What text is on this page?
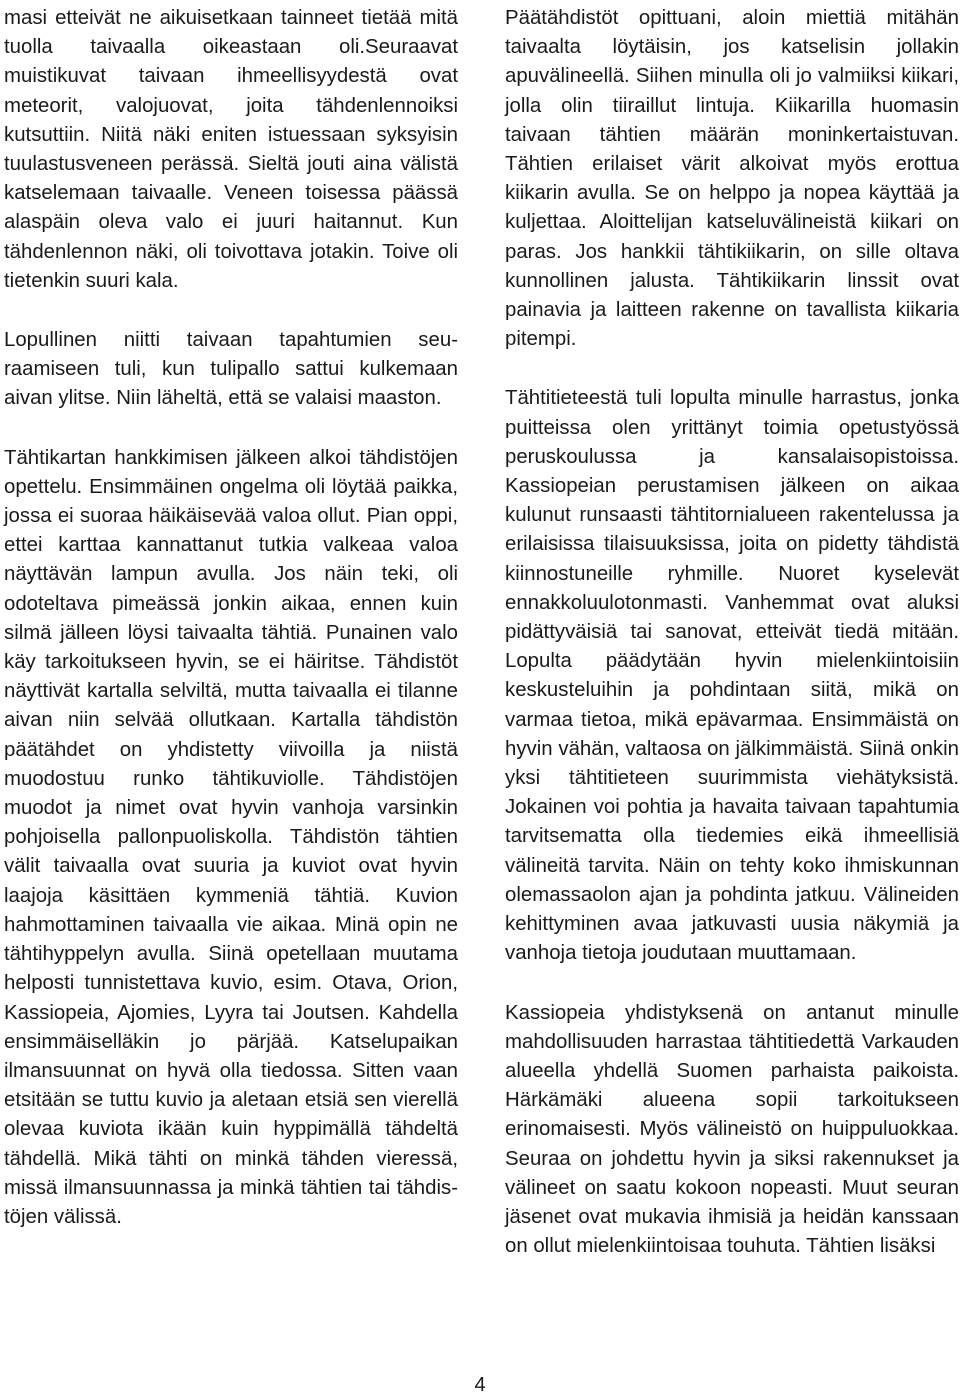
masi etteivät ne aikuisetkaan tainneet tietää mitä tuolla taivaalla oikeastaan oli.Seuraavat muistikuvat taivaan ihmeellisyydestä ovat meteorit, valojuovat, joita tähdenlennoiksi kutsuttiin. Niitä näki eniten istuessaan syksyisin tuulastusveneen perässä. Sieltä jouti aina välistä katselemaan taivaalle. Veneen toisessa päässä alaspäin oleva valo ei juuri haitannut. Kun tähdenlennon näki, oli toivottava jotakin. Toive oli tietenkin suuri kala.

Lopullinen niitti taivaan tapahtumien seuraamiseen tuli, kun tulipallo sattui kulkemaan aivan ylitse. Niin läheltä, että se valaisi maaston.

Tähtikartan hankkimisen jälkeen alkoi tähdistöjen opettelu. Ensimmäinen ongelma oli löytää paikka, jossa ei suoraa häikäisevää valoa ollut. Pian oppi, ettei karttaa kannattanut tutkia valkeaa valoa näyttävän lampun avulla. Jos näin teki, oli odoteltava pimeässä jonkin aikaa, ennen kuin silmä jälleen löysi taivaalta tähtiä. Punainen valo käy tarkoitukseen hyvin, se ei häiritse. Tähdistöt näyttivät kartalla selviltä, mutta taivaalla ei tilanne aivan niin selvää ollutkaan. Kartalla tähdistön päätähdet on yhdistetty viivoilla ja niistä muodostuu runko tähtikuviolle. Tähdistöjen muodot ja nimet ovat hyvin vanhoja varsinkin pohjoisella pallonpuoliskolla. Tähdistön tähtien välit taivaalla ovat suuria ja kuviot ovat hyvin laajoja käsittäen kymmeniä tähtiä. Kuvion hahmottaminen taivaalla vie aikaa. Minä opin ne tähtihyppelyn avulla. Siinä opetellaan muutama helposti tunnistettava kuvio, esim. Otava, Orion, Kassiopeia, Ajomies, Lyyra tai Joutsen. Kahdella ensimmäiselläkin jo pärjää. Katselupaikan ilmansuunnat on hyvä olla tiedossa. Sitten vaan etsitään se tuttu kuvio ja aletaan etsiä sen vierellä olevaa kuviota ikään kuin hyppimällä tähdeltä tähdellä. Mikä tähti on minkä tähden vieressä, missä ilmansuunnassa ja minkä tähtien tai tähdistöjen välissä.

Päätähdistöt opittuani, aloin miettiä mitähän taivaalta löytäisin, jos katselisin jollakin apuvälineellä. Siihen minulla oli jo valmiiksi kiikari, jolla olin tiiraillut lintuja. Kiikarilla huomasin taivaan tähtien määrän moninkertaistuvan. Tähtien erilaiset värit alkoivat myös erottua kiikarin avulla. Se on helppo ja nopea käyttää ja kuljettaa. Aloittelijan katseluvälineistä kiikari on paras. Jos hankkii tähtikiikarin, on sille oltava kunnollinen jalusta. Tähtikiikarin linssit ovat painavia ja laitteen rakenne on tavallista kiikaria pitempi.

Tähtitieteestä tuli lopulta minulle harrastus, jonka puitteissa olen yrittänyt toimia opetustyössä peruskoulussa ja kansalaisopistoissa. Kassiopeian perustamisen jälkeen on aikaa kulunut runsaasti tähtitornialueen rakentelussa ja erilaisissa tilaisuuksissa, joita on pidetty tähdistä kiinnostuneille ryhmille. Nuoret kyselevät ennakkoluulotonmasti. Vanhemmat ovat aluksi pidättyväisiä tai sanovat, etteivät tiedä mitään. Lopulta päädytään hyvin mielenkiintoisiin keskusteluihin ja pohdintaan siitä, mikä on varmaa tietoa, mikä epävarmaa. Ensimmäistä on hyvin vähän, valtaosa on jälkimmäistä. Siinä onkin yksi tähtitieteen suurimmista viehätyksistä. Jokainen voi pohtia ja havaita taivaan tapahtumia tarvitsematta olla tiedemies eikä ihmeellisiä välineitä tarvita. Näin on tehty koko ihmiskunnan olemassaolon ajan ja pohdinta jatkuu. Välineiden kehittyminen avaa jatkuvasti uusia näkymiä ja vanhoja tietoja joudutaan muuttamaan.

Kassiopeia yhdistyksenä on antanut minulle mahdollisuuden harrastaa tähtitiedettä Varkauden alueella yhdellä Suomen parhaista paikoista. Härkämäki alueena sopii tarkoitukseen erinomaisesti. Myös välineistö on huippuluokkaa. Seuraa on johdettu hyvin ja siksi rakennukset ja välineet on saatu kokoon nopeasti. Muut seuran jäsenet ovat mukavia ihmisiä ja heidän kanssaan on ollut mielenkiintoisaa touhuta. Tähtien lisäksi

4
